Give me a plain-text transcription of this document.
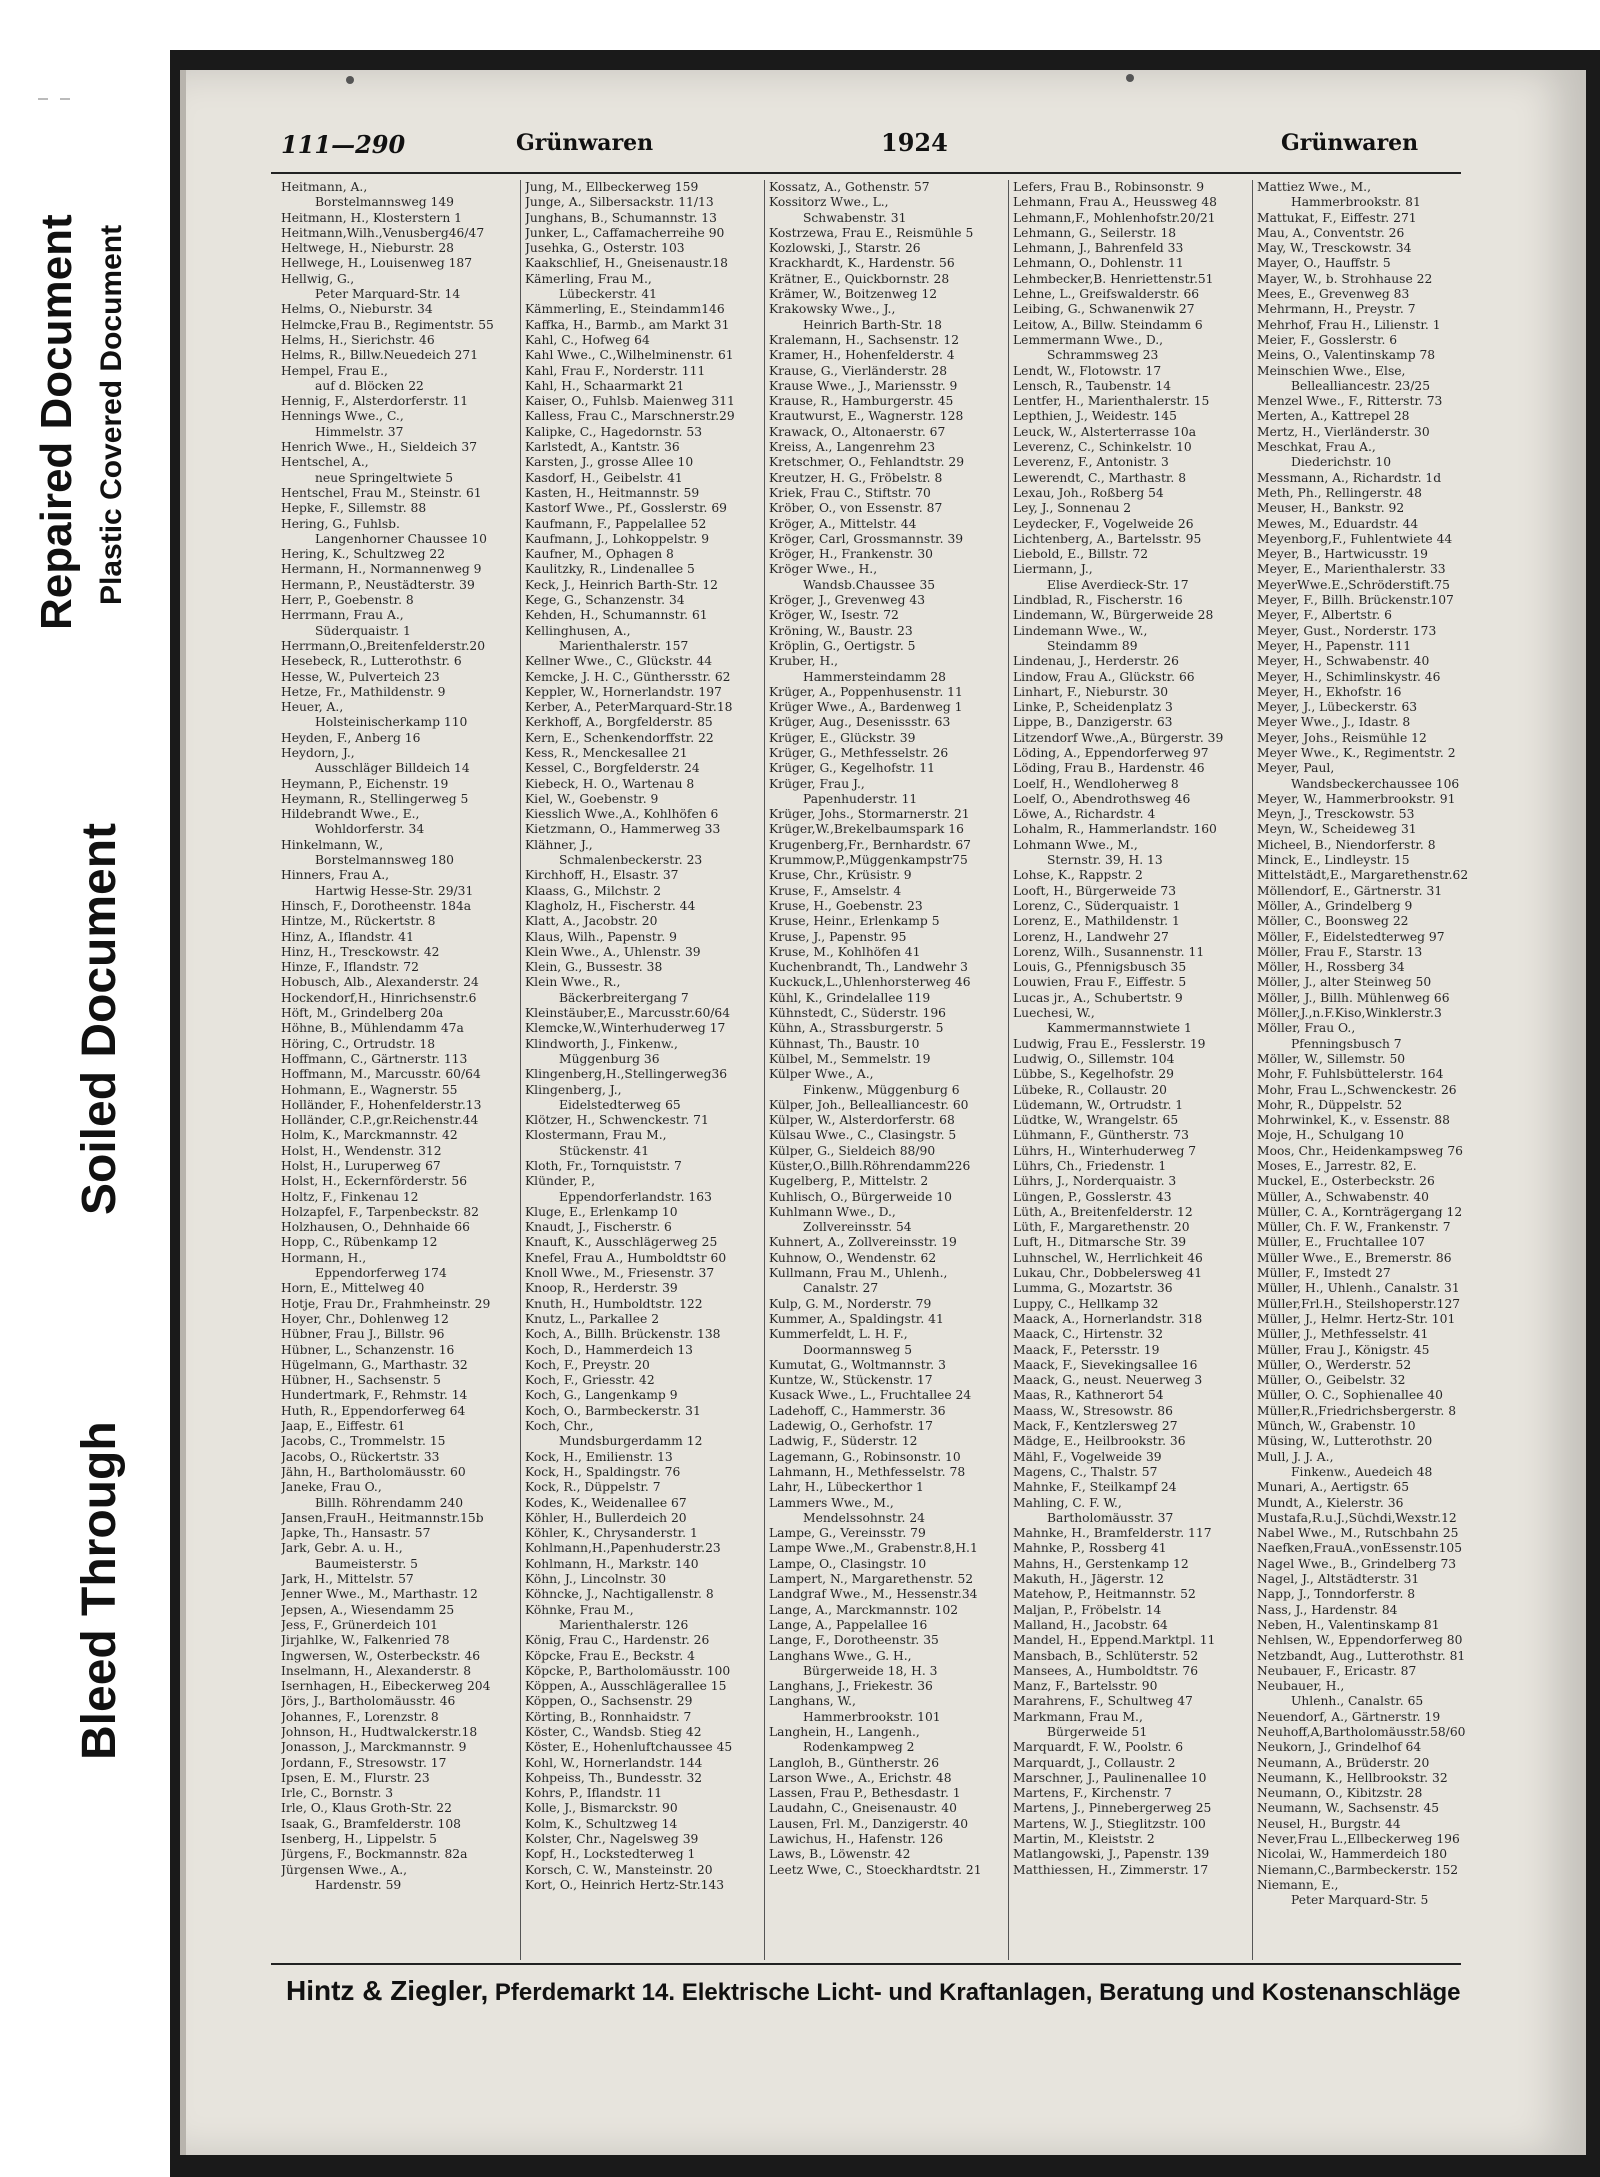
Repaired Document Plastic Covered Document
Soiled Document
Bleed Through
111—290	Grünwaren	1924	Grünwaren
Heitmann, A.,
Borstelmannsweg 149
Heitmann, H., Klosterstern 1
Heitmann,Wilh.,Venusberg46/47
Heltwege, H., Nieburstr. 28
Hellwege, H., Louisenweg 187
Hellwig, G.,
Peter Marquard-Str. 14
Helms, O., Nieburstr. 34
Helmcke,Frau B., Regimentstr. 55
Helms, H., Sierichstr. 46
Helms, R., Billw.Neuedeich 271
Hempel, Frau E.,
auf d. Blöcken 22
Hennig, F., Alsterdorferstr. 11
Hennings Wwe., C.,
Himmelstr. 37
Henrich Wwe., H., Sieldeich 37
Hentschel, A.,
neue Springeltwiete 5
Hentschel, Frau M., Steinstr. 61
Hepke, F., Sillemstr. 88
Hering, G., Fuhlsb.
Langenhorner Chaussee 10
Hering, K., Schultzweg 22
Hermann, H., Normannenweg 9
Hermann, P., Neustädterstr. 39
Herr, P., Goebenstr. 8
Herrmann, Frau A.,
Süderquaistr. 1
Herrmann,O.,Breitenfelderstr.20
Hesebeck, R., Lutterothstr. 6
Hesse, W., Pulverteich 23
Hetze, Fr., Mathildenstr. 9
Heuer, A.,
Holsteinischerkamp 110
Heyden, F., Anberg 16
Heydorn, J.,
Ausschläger Billdeich 14
Heymann, P., Eichenstr. 19
Heymann, R., Stellingerweg 5
Hildebrandt Wwe., E.,
Wohldorferstr. 34
Hinkelmann, W.,
Borstelmannsweg 180
Hinners, Frau A.,
Hartwig Hesse-Str. 29/31
Hinsch, F., Dorotheenstr. 184a
Hintze, M., Rückertstr. 8
Hinz, A., Iflandstr. 41
Hinz, H., Tresckowstr. 42
Hinze, F., Iflandstr. 72
Hobusch, Alb., Alexanderstr. 24
Hockendorf,H., Hinrichsenstr.6
Höft, M., Grindelberg 20a
Höhne, B., Mühlendamm 47a
Höring, C., Ortrudstr. 18
Hoffmann, C., Gärtnerstr. 113
Hoffmann, M., Marcusstr. 60/64
Hohmann, E., Wagnerstr. 55
Holländer, F., Hohenfelderstr.13
Holländer, C.P.,gr.Reichenstr.44
Holm, K., Marckmannstr. 42
Holst, H., Wendenstr. 312
Holst, H., Luruperweg 67
Holst, H., Eckernförderstr. 56
Holtz, F., Finkenau 12
Holzapfel, F., Tarpenbeckstr. 82
Holzhausen, O., Dehnhaide 66
Hopp, C., Rübenkamp 12
Hormann, H.,
Eppendorferweg 174
Horn, E., Mittelweg 40
Hotje, Frau Dr., Frahmheinstr. 29
Hoyer, Chr., Dohlenweg 12
Hübner, Frau J., Billstr. 96
Hübner, L., Schanzenstr. 16
Hügelmann, G., Marthastr. 32
Hübner, H., Sachsenstr. 5
Hundertmark, F., Rehmstr. 14
Huth, R., Eppendorferweg 64
Jaap, E., Eiffestr. 61
Jacobs, C., Trommelstr. 15
Jacobs, O., Rückertstr. 33
Jähn, H., Bartholomäusstr. 60
Janeke, Frau O.,
Billh. Röhrendamm 240
Jansen,FrauH., Heitmannstr.15b
Japke, Th., Hansastr. 57
Jark, Gebr. A. u. H.,
Baumeisterstr. 5
Jark, H., Mittelstr. 57
Jenner Wwe., M., Marthastr. 12
Jepsen, A., Wiesendamm 25
Jess, F., Grünerdeich 101
Jirjahlke, W., Falkenried 78
Ingwersen, W., Osterbeckstr. 46
Inselmann, H., Alexanderstr. 8
Isernhagen, H., Eibeckerweg 204
Jörs, J., Bartholomäusstr. 46
Johannes, F., Lorenzstr. 8
Johnson, H., Hudtwalckerstr.18
Jonasson, J., Marckmannstr. 9
Jordann, F., Stresowstr. 17
Ipsen, E. M., Flurstr. 23
Irle, C., Bornstr. 3
Irle, O., Klaus Groth-Str. 22
Isaak, G., Bramfelderstr. 108
Isenberg, H., Lippelstr. 5
Jürgens, F., Bockmannstr. 82a
Jürgensen Wwe., A.,
Hardenstr. 59
Jung, M., Ellbeckerweg 159
Junge, A., Silbersackstr. 11/13
Junghans, B., Schumannstr. 13
Junker, L., Caffamacherreihe 90
Jusehka, G., Osterstr. 103
Kaakschlief, H., Gneisenaustr.18
Kämerling, Frau M.,
Lübeckerstr. 41
Kämmerling, E., Steindamm146
Kaffka, H., Barmb., am Markt 31
Kahl, C., Hofweg 64
Kahl Wwe., C.,Wilhelminenstr. 61
Kahl, Frau F., Norderstr. 111
Kahl, H., Schaarmarkt 21
Kaiser, O., Fuhlsb. Maienweg 311
Kalless, Frau C., Marschnerstr.29
Kalipke, C., Hagedornstr. 53
Karlstedt, A., Kantstr. 36
Karsten, J., grosse Allee 10
Kasdorf, H., Geibelstr. 41
Kasten, H., Heitmannstr. 59
Kastorf Wwe., Pf., Gosslerstr. 69
Kaufmann, F., Pappelallee 52
Kaufmann, J., Lohkoppelstr. 9
Kaufner, M., Ophagen 8
Kaulitzky, R., Lindenallee 5
Keck, J., Heinrich Barth-Str. 12
Kege, G., Schanzenstr. 34
Kehden, H., Schumannstr. 61
Kellinghusen, A.,
Marienthalerstr. 157
Kellner Wwe., C., Glückstr. 44
Kemcke, J. H. C., Günthersstr. 62
Keppler, W., Hornerlandstr. 197
Kerber, A., PeterMarquard-Str.18
Kerkhoff, A., Borgfelderstr. 85
Kern, E., Schenkendorffstr. 22
Kess, R., Menckesallee 21
Kessel, C., Borgfelderstr. 24
Kiebeck, H. O., Wartenau 8
Kiel, W., Goebenstr. 9
Kiesslich Wwe.,A., Kohlhöfen 6
Kietzmann, O., Hammerweg 33
Klähner, J.,
Schmalenbeckerstr. 23
Kirchhoff, H., Elsastr. 37
Klaass, G., Milchstr. 2
Klagholz, H., Fischerstr. 44
Klatt, A., Jacobstr. 20
Klaus, Wilh., Papenstr. 9
Klein Wwe., A., Uhlenstr. 39
Klein, G., Bussestr. 38
Klein Wwe., R.,
Bäckerbreitergang 7
Kleinstäuber,E., Marcusstr.60/64
Klemcke,W.,Winterhuderweg 17
Klindworth, J., Finkenw.,
Müggenburg 36
Klingenberg,H.,Stellingerweg36
Klingenberg, J.,
Eidelstedterweg 65
Klötzer, H., Schwenckestr. 71
Klostermann, Frau M.,
Stückenstr. 41
Kloth, Fr., Tornquiststr. 7
Klünder, P.,
Eppendorferlandstr. 163
Kluge, E., Erlenkamp 10
Knaudt, J., Fischerstr. 6
Knauft, K., Ausschlägerweg 25
Knefel, Frau A., Humboldtstr 60
Knoll Wwe., M., Friesenstr. 37
Knoop, R., Herderstr. 39
Knuth, H., Humboldtstr. 122
Knutz, L., Parkallee 2
Koch, A., Billh. Brückenstr. 138
Koch, D., Hammerdeich 13
Koch, F., Preystr. 20
Koch, F., Griesstr. 42
Koch, G., Langenkamp 9
Koch, O., Barmbeckerstr. 31
Koch, Chr.,
Mundsburgerdamm 12
Kock, H., Emilienstr. 13
Kock, H., Spaldingstr. 76
Kock, R., Düppelstr. 7
Kodes, K., Weidenallee 67
Köhler, H., Bullerdeich 20
Köhler, K., Chrysanderstr. 1
Kohlmann,H.,Papenhuderstr.23
Kohlmann, H., Markstr. 140
Köhn, J., Lincolnstr. 30
Köhncke, J., Nachtigallenstr. 8
Köhnke, Frau M.,
Marienthalerstr. 126
König, Frau C., Hardenstr. 26
Köpcke, Frau E., Beckstr. 4
Köpcke, P., Bartholomäusstr. 100
Köppen, A., Ausschlägerallee 15
Köppen, O., Sachsenstr. 29
Körting, B., Ronnhaidstr. 7
Köster, C., Wandsb. Stieg 42
Köster, E., Hohenluftchaussee 45
Kohl, W., Hornerlandstr. 144
Kohpeiss, Th., Bundesstr. 32
Kohrs, P., Iflandstr. 11
Kolle, J., Bismarckstr. 90
Kolm, K., Schultzweg 14
Kolster, Chr., Nagelsweg 39
Kopf, H., Lockstedterweg 1
Korsch, C. W., Mansteinstr. 20
Kort, O., Heinrich Hertz-Str.143
Kossatz, A., Gothenstr. 57
Kossitorz Wwe., L.,
Schwabenstr. 31
Kostrzewa, Frau E., Reismühle 5
Kozlowski, J., Starstr. 26
Krackhardt, K., Hardenstr. 56
Krätner, E., Quickbornstr. 28
Krämer, W., Boitzenweg 12
Krakowsky Wwe., J.,
Heinrich Barth-Str. 18
Kralemann, H., Sachsenstr. 12
Kramer, H., Hohenfelderstr. 4
Krause, G., Vierländerstr. 28
Krause Wwe., J., Mariensstr. 9
Krause, R., Hamburgerstr. 45
Krautwurst, E., Wagnerstr. 128
Krawack, O., Altonaerstr. 67
Kreiss, A., Langenrehm 23
Kretschmer, O., Fehlandtstr. 29
Kreutzer, H. G., Fröbelstr. 8
Kriek, Frau C., Stiftstr. 70
Kröber, O., von Essenstr. 87
Kröger, A., Mittelstr. 44
Kröger, Carl, Grossmannstr. 39
Kröger, H., Frankenstr. 30
Kröger Wwe., H.,
Wandsb.Chaussee 35
Kröger, J., Grevenweg 43
Kröger, W., Isestr. 72
Kröning, W., Baustr. 23
Kröplin, G., Oertigstr. 5
Kruber, H.,
Hammersteindamm 28
Krüger, A., Poppenhusenstr. 11
Krüger Wwe., A., Bardenweg 1
Krüger, Aug., Desenissstr. 63
Krüger, E., Glückstr. 39
Krüger, G., Methfesselstr. 26
Krüger, G., Kegelhofstr. 11
Krüger, Frau J.,
Papenhuderstr. 11
Krüger, Johs., Stormarnerstr. 21
Krüger,W.,Brekelbaumspark 16
Krugenberg,Fr., Bernhardstr. 67
Krummow,P.,Müggenkampstr75
Kruse, Chr., Krüsistr. 9
Kruse, F., Amselstr. 4
Kruse, H., Goebenstr. 23
Kruse, Heinr., Erlenkamp 5
Kruse, J., Papenstr. 95
Kruse, M., Kohlhöfen 41
Kuchenbrandt, Th., Landwehr 3
Kuckuck,L.,Uhlenhorsterweg 46
Kühl, K., Grindelallee 119
Kühnstedt, C., Süderstr. 196
Kühn, A., Strassburgerstr. 5
Kühnast, Th., Baustr. 10
Külbel, M., Semmelstr. 19
Külper Wwe., A.,
Finkenw., Müggenburg 6
Külper, Joh., Bellealliancestr. 60
Külper, W., Alsterdorferstr. 68
Külsau Wwe., C., Clasingstr. 5
Külper, G., Sieldeich 88/90
Küster,O.,Billh.Röhrendamm226
Kugelberg, P., Mittelstr. 2
Kuhlisch, O., Bürgerweide 10
Kuhlmann Wwe., D.,
Zollvereinsstr. 54
Kuhnert, A., Zollvereinsstr. 19
Kuhnow, O., Wendenstr. 62
Kullmann, Frau M., Uhlenh.,
Canalstr. 27
Kulp, G. M., Norderstr. 79
Kummer, A., Spaldingstr. 41
Kummerfeldt, L. H. F.,
Doormannsweg 5
Kumutat, G., Woltmannstr. 3
Kuntze, W., Stückenstr. 17
Kusack Wwe., L., Fruchtallee 24
Ladehoff, C., Hammerstr. 36
Ladewig, O., Gerhofstr. 17
Ladwig, F., Süderstr. 12
Lagemann, G., Robinsonstr. 10
Lahmann, H., Methfesselstr. 78
Lahr, H., Lübeckerthor 1
Lammers Wwe., M.,
Mendelssohnstr. 24
Lampe, G., Vereinsstr. 79
Lampe Wwe.,M., Grabenstr.8,H.1
Lampe, O., Clasingstr. 10
Lampert, N., Margarethenstr. 52
Landgraf Wwe., M., Hessenstr.34
Lange, A., Marckmannstr. 102
Lange, A., Pappelallee 16
Lange, F., Dorotheenstr. 35
Langhans Wwe., G. H.,
Bürgerweide 18, H. 3
Langhans, J., Friekestr. 36
Langhans, W.,
Hammerbrookstr. 101
Langhein, H., Langenh.,
Rodenkampweg 2
Langloh, B., Güntherstr. 26
Larson Wwe., A., Erichstr. 48
Lassen, Frau P., Bethesdastr. 1
Laudahn, C., Gneisenaustr. 40
Lausen, Frl. M., Danzigerstr. 40
Lawichus, H., Hafenstr. 126
Laws, B., Löwenstr. 42
Leetz Wwe, C., Stoeckhardtstr. 21
Lefers, Frau B., Robinsonstr. 9
Lehmann, Frau A., Heussweg 48
Lehmann,F., Mohlenhofstr.20/21
Lehmann, G., Seilerstr. 18
Lehmann, J., Bahrenfeld 33
Lehmann, O., Dohlenstr. 11
Lehmbecker,B. Henriettenstr.51
Lehne, L., Greifswalderstr. 66
Leibing, G., Schwanenwik 27
Leitow, A., Billw. Steindamm 6
Lemmermann Wwe., D.,
Schrammsweg 23
Lendt, W., Flotowstr. 17
Lensch, R., Taubenstr. 14
Lentfer, H., Marienthalerstr. 15
Lepthien, J., Weidestr. 145
Leuck, W., Alsterterrasse 10a
Leverenz, C., Schinkelstr. 10
Leverenz, F., Antonistr. 3
Lewerendt, C., Marthastr. 8
Lexau, Joh., Roßberg 54
Ley, J., Sonnenau 2
Leydecker, F., Vogelweide 26
Lichtenberg, A., Bartelsstr. 95
Liebold, E., Billstr. 72
Liermann, J.,
Elise Averdieck-Str. 17
Lindblad, R., Fischerstr. 16
Lindemann, W., Bürgerweide 28
Lindemann Wwe., W.,
Steindamm 89
Lindenau, J., Herderstr. 26
Lindow, Frau A., Glückstr. 66
Linhart, F., Nieburstr. 30
Linke, P., Scheidenplatz 3
Lippe, B., Danzigerstr. 63
Litzendorf Wwe.,A., Bürgerstr. 39
Löding, A., Eppendorferweg 97
Löding, Frau B., Hardenstr. 46
Loelf, H., Wendloherweg 8
Loelf, O., Abendrothsweg 46
Löwe, A., Richardstr. 4
Lohalm, R., Hammerlandstr. 160
Lohmann Wwe., M.,
Sternstr. 39, H. 13
Lohse, K., Rappstr. 2
Looft, H., Bürgerweide 73
Lorenz, C., Süderquaistr. 1
Lorenz, E., Mathildenstr. 1
Lorenz, H., Landwehr 27
Lorenz, Wilh., Susannenstr. 11
Louis, G., Pfennigsbusch 35
Louwien, Frau F., Eiffestr. 5
Lucas jr., A., Schubertstr. 9
Luechesi, W.,
Kammermannstwiete 1
Ludwig, Frau E., Fesslerstr. 19
Ludwig, O., Sillemstr. 104
Lübbe, S., Kegelhofstr. 29
Lübeke, R., Collaustr. 20
Lüdemann, W., Ortrudstr. 1
Lüdtke, W., Wrangelstr. 65
Lühmann, F., Güntherstr. 73
Lührs, H., Winterhuderweg 7
Lührs, Ch., Friedenstr. 1
Lührs, J., Norderquaistr. 3
Lüngen, P., Gosslerstr. 43
Lüth, A., Breitenfelderstr. 12
Lüth, F., Margarethenstr. 20
Luft, H., Ditmarsche Str. 39
Luhnschel, W., Herrlichkeit 46
Lukau, Chr., Dobbelersweg 41
Lumma, G., Mozartstr. 36
Luppy, C., Hellkamp 32
Maack, A., Hornerlandstr. 318
Maack, C., Hirtenstr. 32
Maack, F., Petersstr. 19
Maack, F., Sievekingsallee 16
Maack, G., neust. Neuerweg 3
Maas, R., Kathnerort 54
Maass, W., Stresowstr. 86
Mack, F., Kentzlersweg 27
Mädge, E., Heilbrookstr. 36
Mähl, F., Vogelweide 39
Magens, C., Thalstr. 57
Mahnke, F., Steilkampf 24
Mahling, C. F. W.,
Bartholomäusstr. 37
Mahnke, H., Bramfelderstr. 117
Mahnke, P., Rossberg 41
Mahns, H., Gerstenkamp 12
Makuth, H., Jägerstr. 12
Matehow, P., Heitmannstr. 52
Maljan, P., Fröbelstr. 14
Malland, H., Jacobstr. 64
Mandel, H., Eppend.Marktpl. 11
Mansbach, B., Schlüterstr. 52
Mansees, A., Humboldtstr. 76
Manz, F., Bartelsstr. 90
Marahrens, F., Schultweg 47
Markmann, Frau M.,
Bürgerweide 51
Marquardt, F. W., Poolstr. 6
Marquardt, J., Collaustr. 2
Marschner, J., Paulinenallee 10
Martens, F., Kirchenstr. 7
Martens, J., Pinnebergerweg 25
Martens, W. J., Stieglitzstr. 100
Martin, M., Kleiststr. 2
Matlangowski, J., Papenstr. 139
Matthiessen, H., Zimmerstr. 17
Mattiez Wwe., M.,
Hammerbrookstr. 81
Mattukat, F., Eiffestr. 271
Mau, A., Conventstr. 26
May, W., Tresckowstr. 34
Mayer, O., Hauffstr. 5
Mayer, W., b. Strohhause 22
Mees, E., Grevenweg 83
Mehrmann, H., Preystr. 7
Mehrhof, Frau H., Lilienstr. 1
Meier, F., Gosslerstr. 6
Meins, O., Valentinskamp 78
Meinschien Wwe., Else,
Bellealliancestr. 23/25
Menzel Wwe., F., Ritterstr. 73
Merten, A., Kattrepel 28
Mertz, H., Vierländerstr. 30
Meschkat, Frau A.,
Diederichstr. 10
Messmann, A., Richardstr. 1d
Meth, Ph., Rellingerstr. 48
Meuser, H., Bankstr. 92
Mewes, M., Eduardstr. 44
Meyenborg,F., Fuhlentwiete 44
Meyer, B., Hartwicusstr. 19
Meyer, E., Marienthalerstr. 33
MeyerWwe.E.,Schröderstift.75
Meyer, F., Billh. Brückenstr.107
Meyer, F., Albertstr. 6
Meyer, Gust., Norderstr. 173
Meyer, H., Papenstr. 111
Meyer, H., Schwabenstr. 40
Meyer, H., Schimlinskystr. 46
Meyer, H., Ekhofstr. 16
Meyer, J., Lübeckerstr. 63
Meyer Wwe., J., Idastr. 8
Meyer, Johs., Reismühle 12
Meyer Wwe., K., Regimentstr. 2
Meyer, Paul,
Wandsbeckerchaussee 106
Meyer, W., Hammerbrookstr. 91
Meyn, J., Tresckowstr. 53
Meyn, W., Scheideweg 31
Micheel, B., Niendorferstr. 8
Minck, E., Lindleystr. 15
Mittelstädt,E., Margarethenstr.62
Möllendorf, E., Gärtnerstr. 31
Möller, A., Grindelberg 9
Möller, C., Boonsweg 22
Möller, F., Eidelstedterweg 97
Möller, Frau F., Starstr. 13
Möller, H., Rossberg 34
Möller, J., alter Steinweg 50
Möller, J., Billh. Mühlenweg 66
Möller,J.,n.F.Kiso,Winklerstr.3
Möller, Frau O.,
Pfenningsbusch 7
Möller, W., Sillemstr. 50
Mohr, F. Fuhlsbüttelerstr. 164
Mohr, Frau L.,Schwenckestr. 26
Mohr, R., Düppelstr. 52
Mohrwinkel, K., v. Essenstr. 88
Moje, H., Schulgang 10
Moos, Chr., Heidenkampsweg 76
Moses, E., Jarrestr. 82, E.
Muckel, E., Osterbeckstr. 26
Müller, A., Schwabenstr. 40
Müller, C. A., Kornträgergang 12
Müller, Ch. F. W., Frankenstr. 7
Müller, E., Fruchtallee 107
Müller Wwe., E., Bremerstr. 86
Müller, F., Imstedt 27
Müller, H., Uhlenh., Canalstr. 31
Müller,Frl.H., Steilshoperstr.127
Müller, J., Helmr. Hertz-Str. 101
Müller, J., Methfesselstr. 41
Müller, Frau J., Königstr. 45
Müller, O., Werderstr. 52
Müller, O., Geibelstr. 32
Müller, O. C., Sophienallee 40
Müller,R.,Friedrichsbergerstr. 8
Münch, W., Grabenstr. 10
Müsing, W., Lutterothstr. 20
Mull, J. J. A.,
Finkenw., Auedeich 48
Munari, A., Aertigstr. 65
Mundt, A., Kielerstr. 36
Mustafa,R.u.J.,Süchdi,Wexstr.12
Nabel Wwe., M., Rutschbahn 25
Naefken,FrauA.,vonEssenstr.105
Nagel Wwe., B., Grindelberg 73
Nagel, J., Altstädterstr. 31
Napp, J., Tonndorferstr. 8
Nass, J., Hardenstr. 84
Neben, H., Valentinskamp 81
Nehlsen, W., Eppendorferweg 80
Netzbandt, Aug., Lutterothstr. 81
Neubauer, F., Ericastr. 87
Neubauer, H.,
Uhlenh., Canalstr. 65
Neuendorf, A., Gärtnerstr. 19
Neuhoff,A,Bartholomäusstr.58/60
Neukorn, J., Grindelhof 64
Neumann, A., Brüderstr. 20
Neumann, K., Hellbrookstr. 32
Neumann, O., Kibitzstr. 28
Neumann, W., Sachsenstr. 45
Neusel, H., Burgstr. 44
Never,Frau L.,Ellbeckerweg 196
Nicolai, W., Hammerdeich 180
Niemann,C.,Barmbeckerstr. 152
Niemann, E.,
Peter Marquard-Str. 5
Hintz & Ziegler, Pferdemarkt 14. Elektrische Licht- und Kraftanlagen, Beratung und Kostenanschläge
